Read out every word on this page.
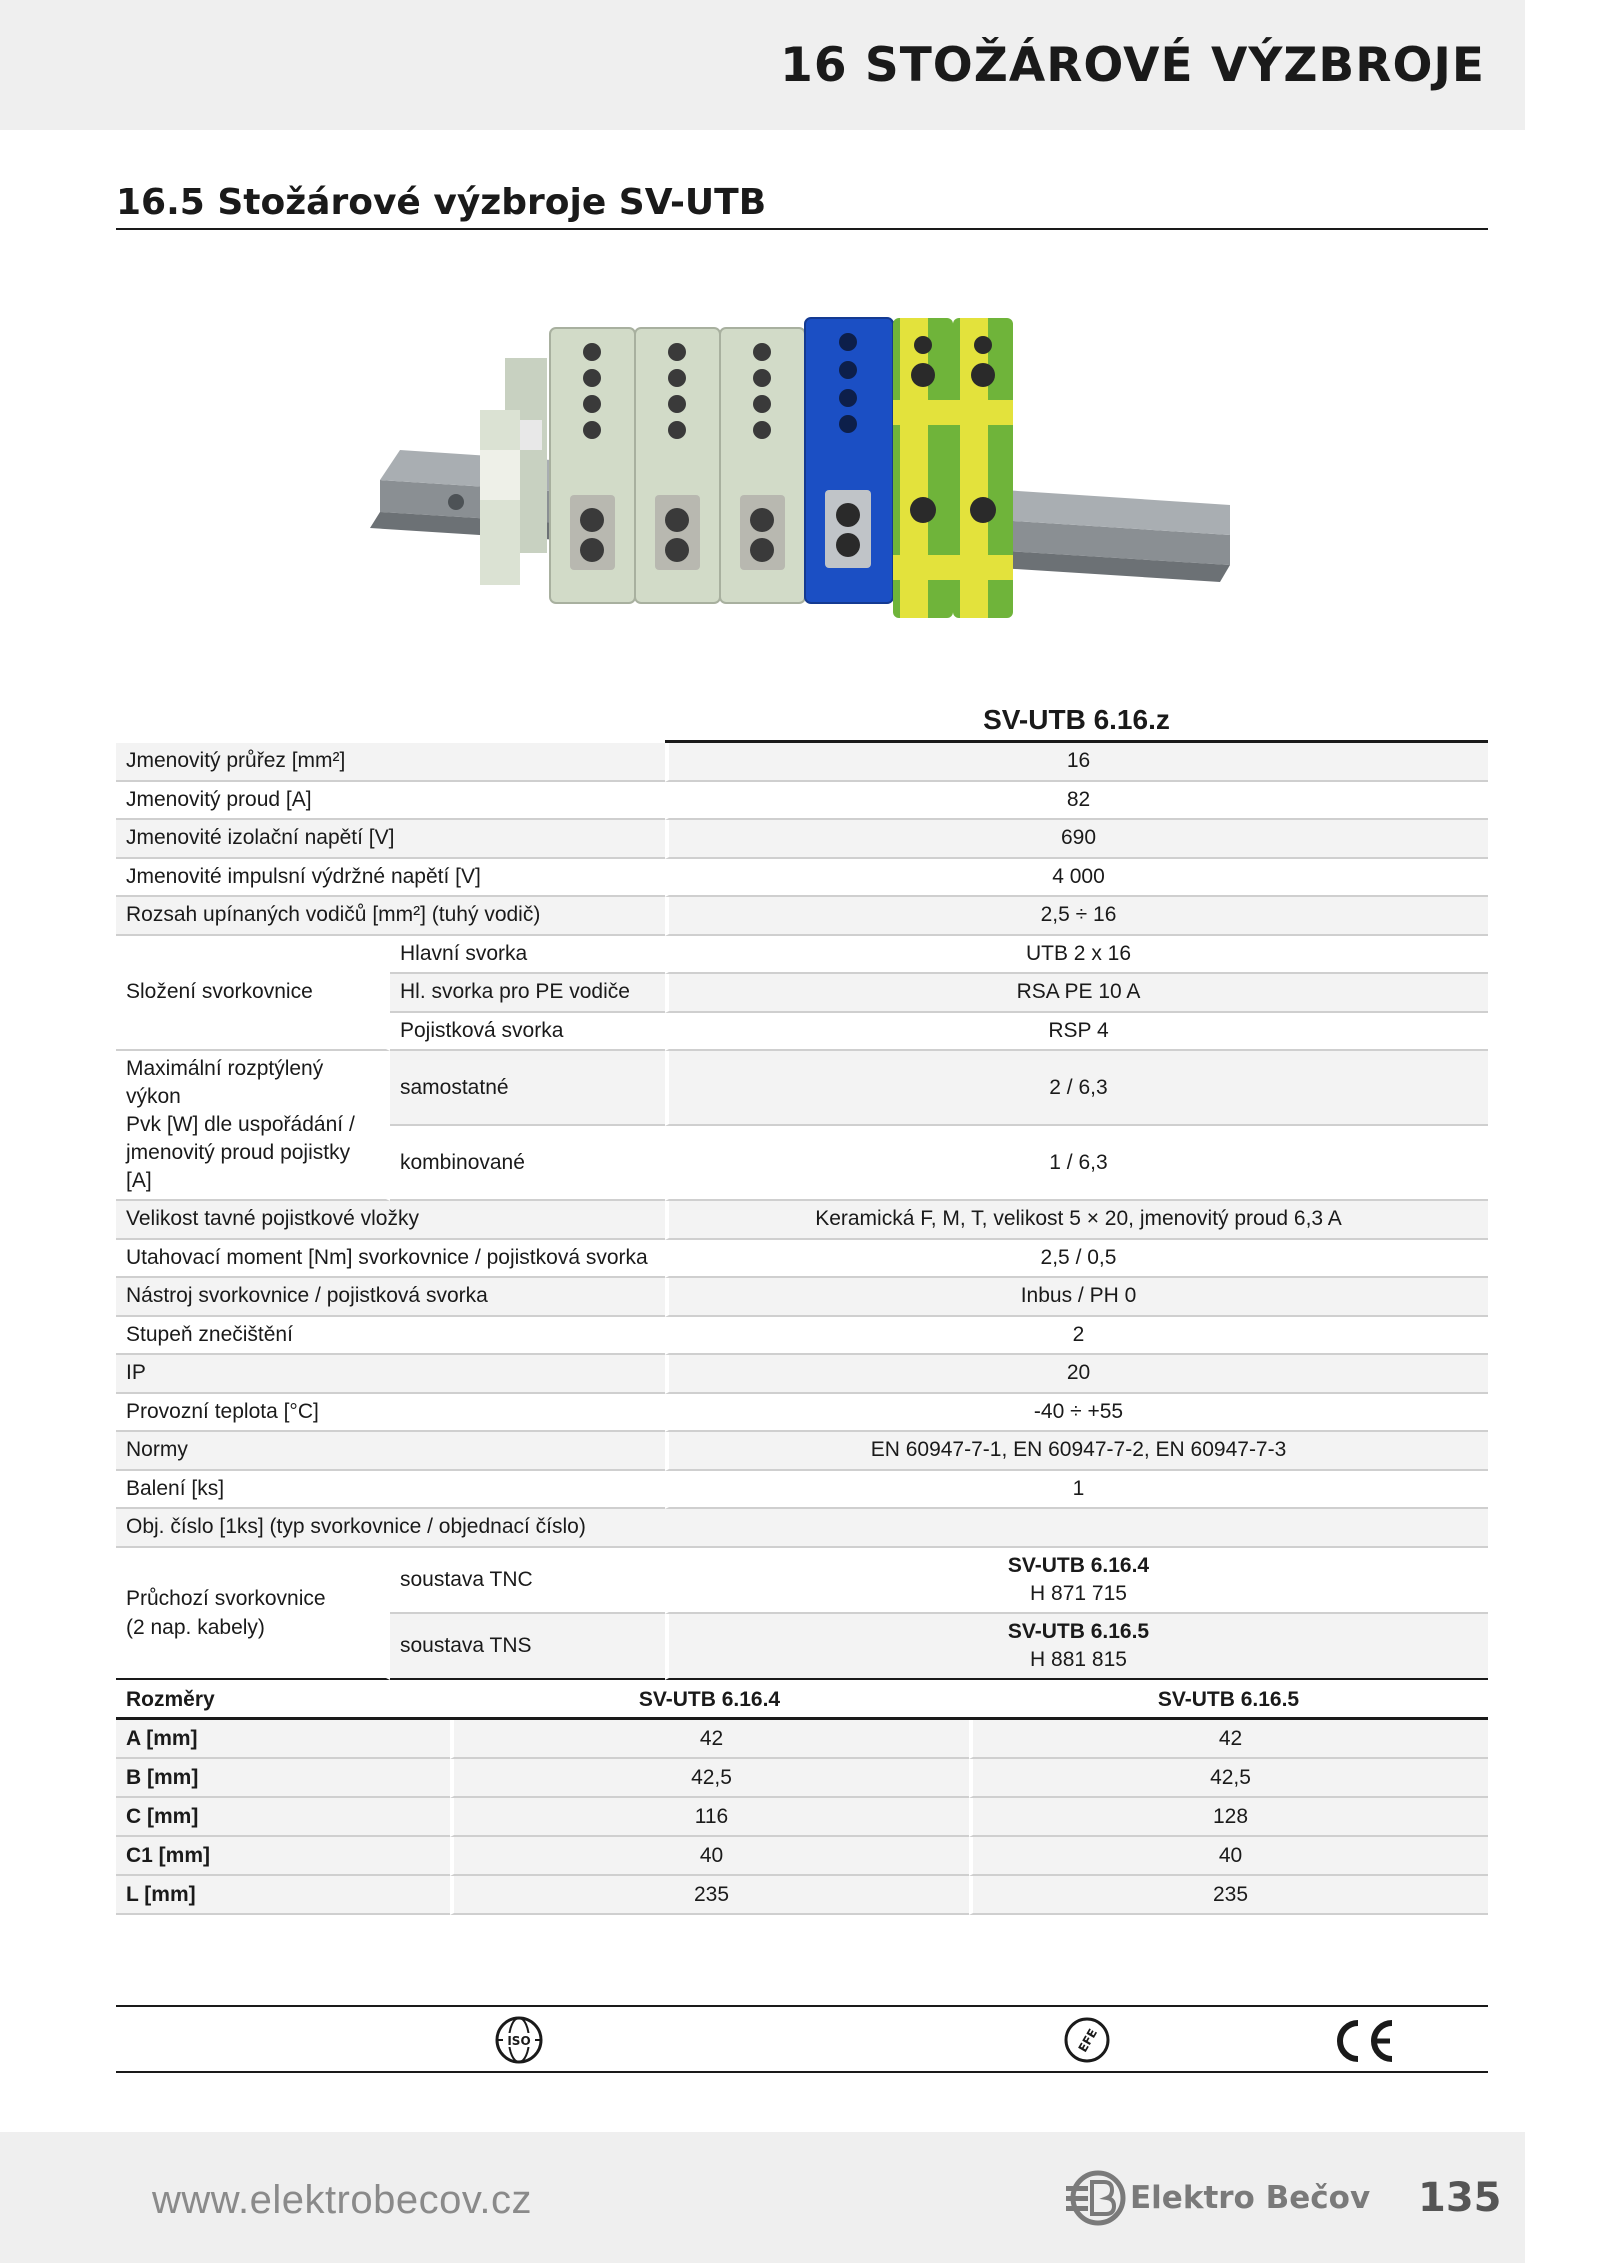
16 STOŽÁROVÉ VÝZBROJE
16.5 Stožárové výzbroje SV-UTB
SV-UTB 6.16.z
Jmenovitý průřez [mm²]		16
Jmenovitý proud [A]		82
Jmenovité izolační napětí [V]		690
Jmenovité impulsní výdržné napětí [V]		4 000
Rozsah upínaných vodičů [mm²] (tuhý vodič)		2,5 ÷ 16
Složení svorkovnice	Hlavní svorka	UTB 2 x 16
	Hl. svorka pro PE vodiče	RSA PE 10 A
	Pojistková svorka	RSP 4

Maximální rozptýlený výkon
Pvk [W] dle uspořádání /
jmenovitý proud pojistky [A]	samostatné	2 / 6,3
	kombinované	1 / 6,3
Velikost tavné pojistkové vložky		Keramická F, M, T, velikost 5 × 20, jmenovitý proud 6,3 A
Utahovací moment [Nm] svorkovnice / pojistková svorka		2,5 / 0,5
Nástroj svorkovnice / pojistková svorka		Inbus / PH 0
Stupeň znečištění		2
IP		20
Provozní teplota [°C]		-40 ÷ +55
Normy		EN 60947-7-1, EN 60947-7-2, EN 60947-7-3
Balení [ks]		1
Obj. číslo [1ks] (typ svorkovnice / objednací číslo)		

Průchozí svorkovnice
(2 nap. kabely)	soustava TNC	SV-UTB 6.16.4
H 871 715

	soustava TNS	SV-UTB 6.16.5
H 881 815
Rozměry	SV-UTB 6.16.4	SV-UTB 6.16.5
A [mm]	42	42
B [mm]	42,5	42,5
C [mm]	116	128
C1 [mm]	40	40
L [mm]	235	235
ISO	EFE
www.elektrobecov.cz	Elektro Bečov 135
